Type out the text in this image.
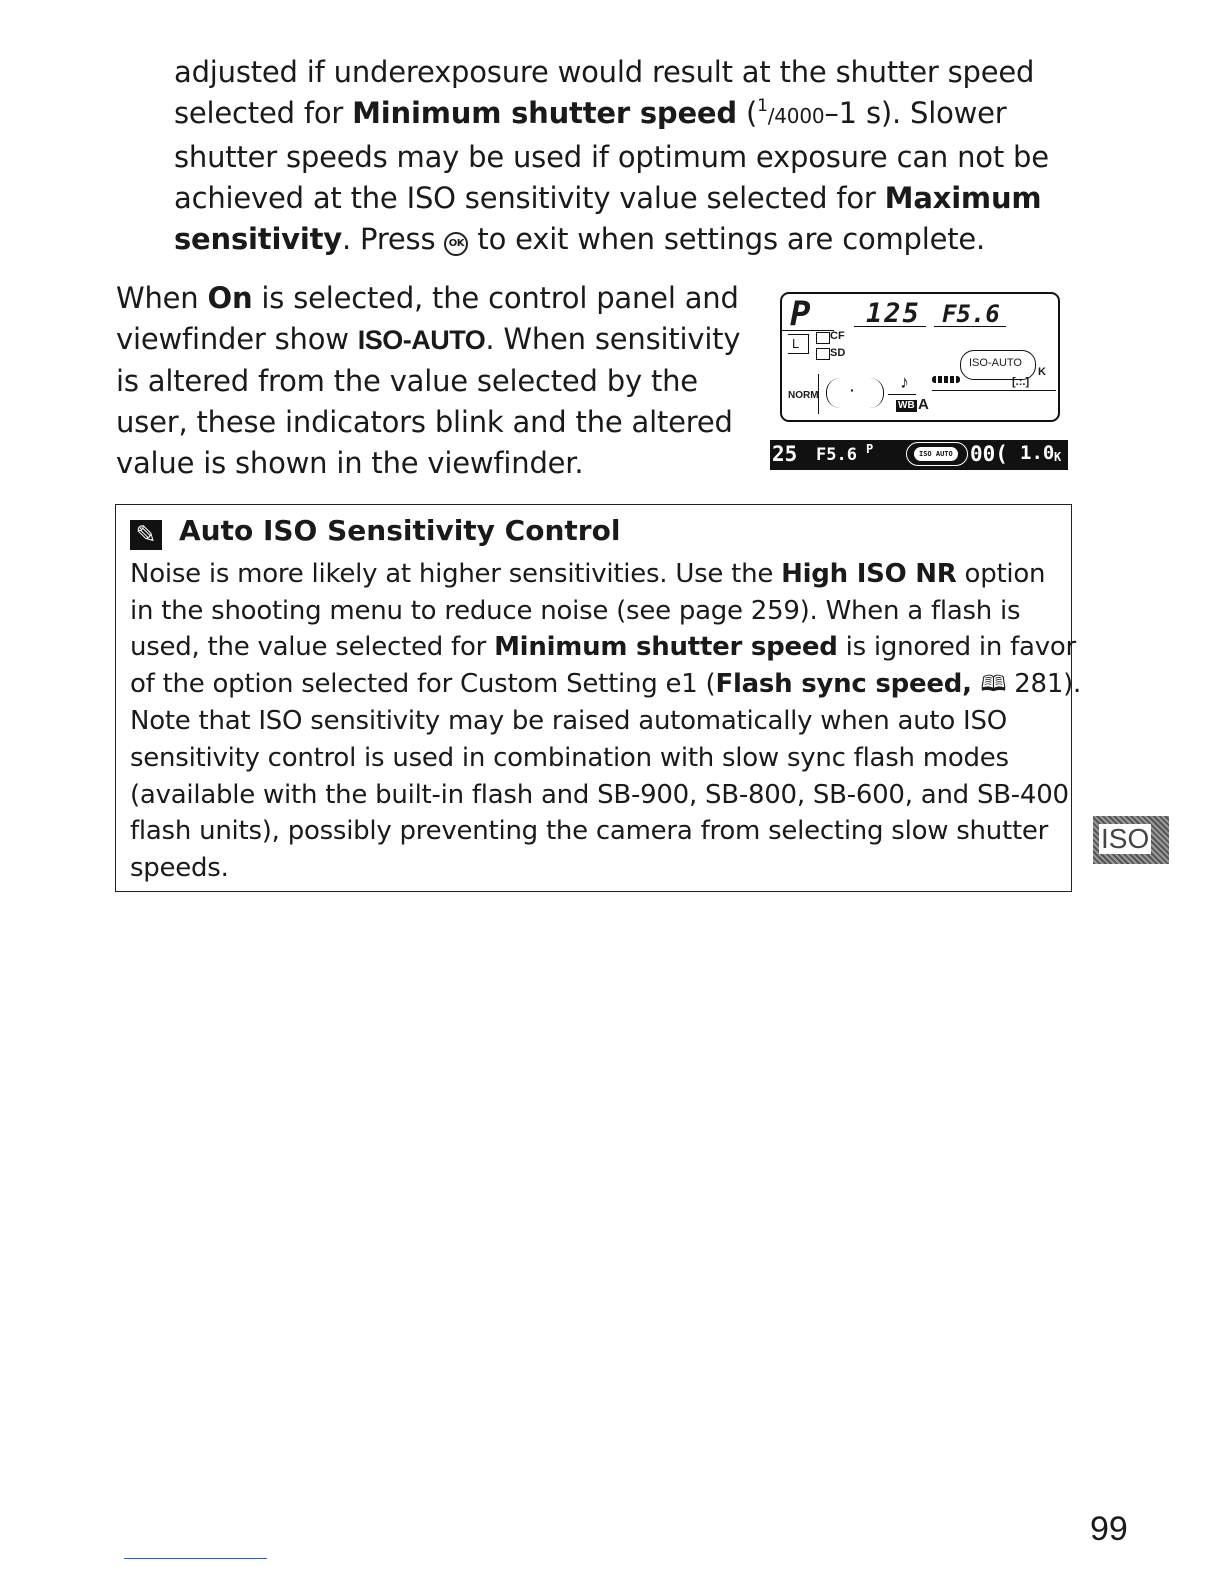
adjusted if underexposure would result at the shutter speed

selected for Minimum shutter speed ($^1$/4000–1 s). Slower

shutter speeds may be used if optimum exposure can not be

achieved at the ISO sensitivity value selected for Maximum

sensitivity. Press OK to exit when settings are complete.

When On is selected, the control panel and

viewfinder show ISO-AUTO. When sensitivity

is altered from the value selected by the

user, these indicators blink and the altered

value is shown in the viewfinder.

P 125 F5.6
L	CF
SD
NORM ·	♪
WB A
ISO-AUTO
K
[.:.]
25 F5.6 P	ISO AUTO 00( 1.0 K
✎ Auto ISO Sensitivity Control

Noise is more likely at higher sensitivities. Use the High ISO NR option

in the shooting menu to reduce noise (see page 259). When a flash is

used, the value selected for Minimum shutter speed is ignored in favor

of the option selected for Custom Setting e1 (Flash sync speed, 🕮 281).

Note that ISO sensitivity may be raised automatically when auto ISO

sensitivity control is used in combination with slow sync flash modes

(available with the built-in flash and SB-900, SB-800, SB-600, and SB-400

flash units), possibly preventing the camera from selecting slow shutter

speeds.

ISO
99
